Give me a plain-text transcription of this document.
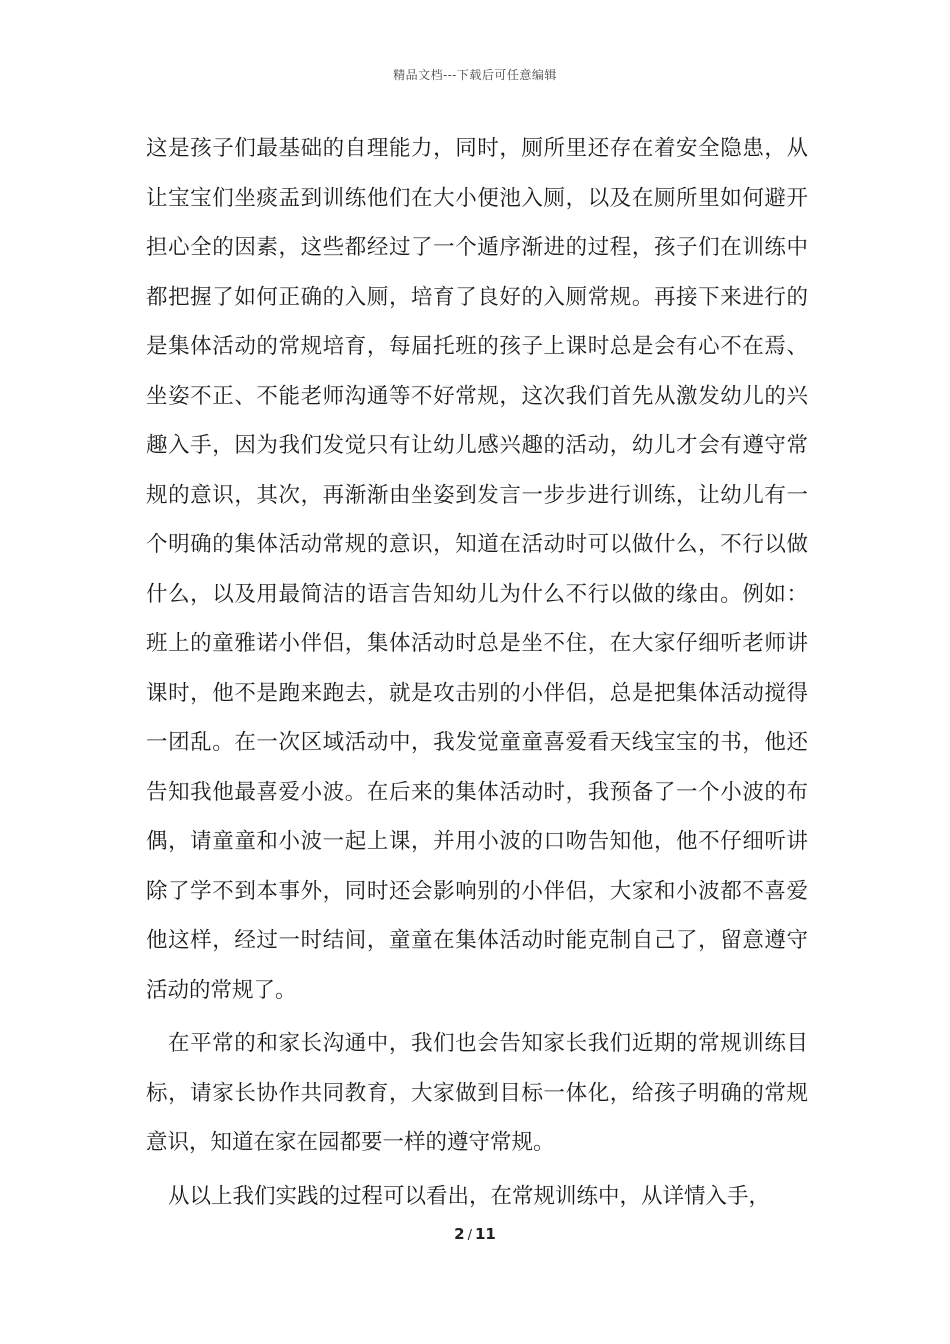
精品文档---下载后可任意编辑

这是孩子们最基础的自理能力，同时，厕所里还存在着安全隐患，从让宝宝们坐痰盂到训练他们在大小便池入厕，以及在厕所里如何避开担心全的因素，这些都经过了一个遁序渐进的过程，孩子们在训练中都把握了如何正确的入厕，培育了良好的入厕常规。再接下来进行的是集体活动的常规培育，每届托班的孩子上课时总是会有心不在焉、坐姿不正、不能老师沟通等不好常规，这次我们首先从激发幼儿的兴趣入手，因为我们发觉只有让幼儿感兴趣的活动，幼儿才会有遵守常规的意识，其次，再渐渐由坐姿到发言一步步进行训练，让幼儿有一个明确的集体活动常规的意识，知道在活动时可以做什么，不行以做什么，以及用最简洁的语言告知幼儿为什么不行以做的缘由。例如：班上的童雅诺小伴侣，集体活动时总是坐不住，在大家仔细听老师讲课时，他不是跑来跑去，就是攻击别的小伴侣，总是把集体活动搅得一团乱。在一次区域活动中，我发觉童童喜爱看天线宝宝的书，他还告知我他最喜爱小波。在后来的集体活动时，我预备了一个小波的布偶，请童童和小波一起上课，并用小波的口吻告知他，他不仔细听讲除了学不到本事外，同时还会影响别的小伴侣，大家和小波都不喜爱他这样，经过一时结间，童童在集体活动时能克制自己了，留意遵守活动的常规了。

在平常的和家长沟通中，我们也会告知家长我们近期的常规训练目标，请家长协作共同教育，大家做到目标一体化，给孩子明确的常规意识，知道在家在园都要一样的遵守常规。

从以上我们实践的过程可以看出，在常规训练中，从详情入手，

2 / 11
